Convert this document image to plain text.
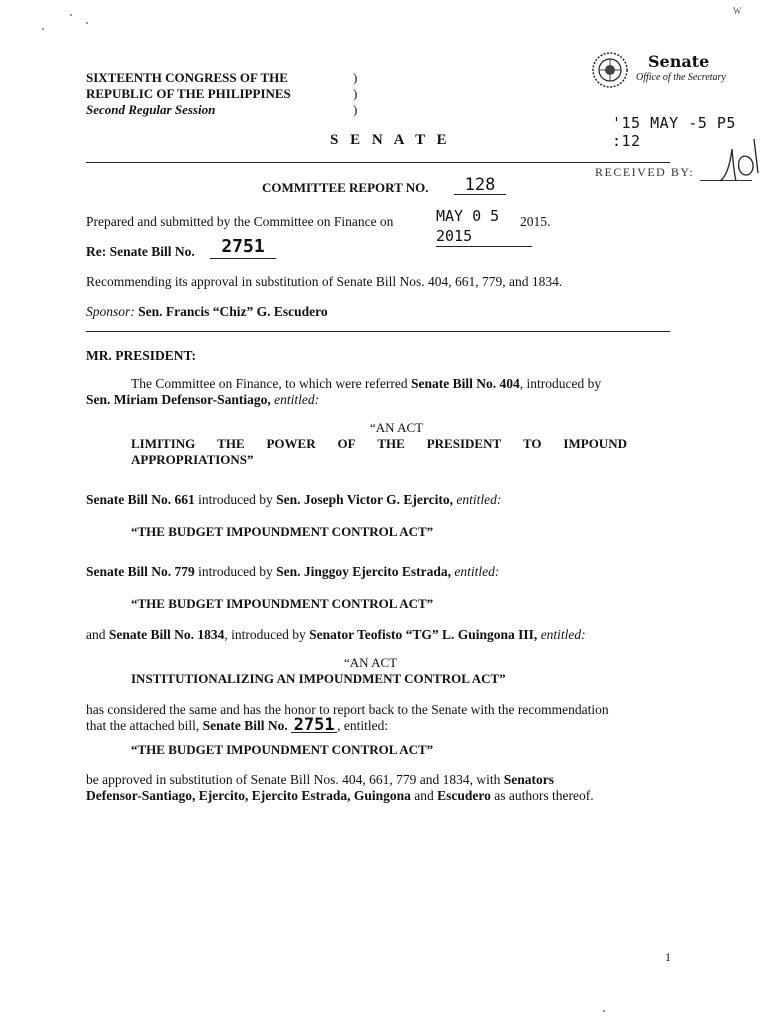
W
SIXTEENTH CONGRESS OF THE
REPUBLIC OF THE PHILIPPINES
Second Regular Session
)
)
)
Senate
Office of the Secretary
'15 MAY -5 P5 :12
RECEIVED BY:
S E N A T E
COMMITTEE REPORT NO.	128
Prepared and submitted by the Committee on Finance on	MAY 0 5 2015
2015.
Re: Senate Bill No.	2751
Recommending its approval in substitution of Senate Bill Nos. 404, 661, 779, and 1834.
Sponsor: Sen. Francis “Chiz” G. Escudero
MR. PRESIDENT:
The Committee on Finance, to which were referred Senate Bill No. 404, introduced by
Sen. Miriam Defensor-Santiago, entitled:
“AN ACT
LIMITING THE POWER OF THE PRESIDENT TO IMPOUND
APPROPRIATIONS”
Senate Bill No. 661 introduced by Sen. Joseph Victor G. Ejercito, entitled:
“THE BUDGET IMPOUNDMENT CONTROL ACT”
Senate Bill No. 779 introduced by Sen. Jinggoy Ejercito Estrada, entitled:
“THE BUDGET IMPOUNDMENT CONTROL ACT”
and Senate Bill No. 1834, introduced by Senator Teofisto “TG” L. Guingona III, entitled:
“AN ACT
INSTITUTIONALIZING AN IMPOUNDMENT CONTROL ACT”
has considered the same and has the honor to report back to the Senate with the recommendation
that the attached bill, Senate Bill No. 2751 , entitled:
“THE BUDGET IMPOUNDMENT CONTROL ACT”
be approved in substitution of Senate Bill Nos. 404, 661, 779 and 1834, with Senators
Defensor-Santiago, Ejercito, Ejercito Estrada, Guingona and Escudero as authors thereof.
1
